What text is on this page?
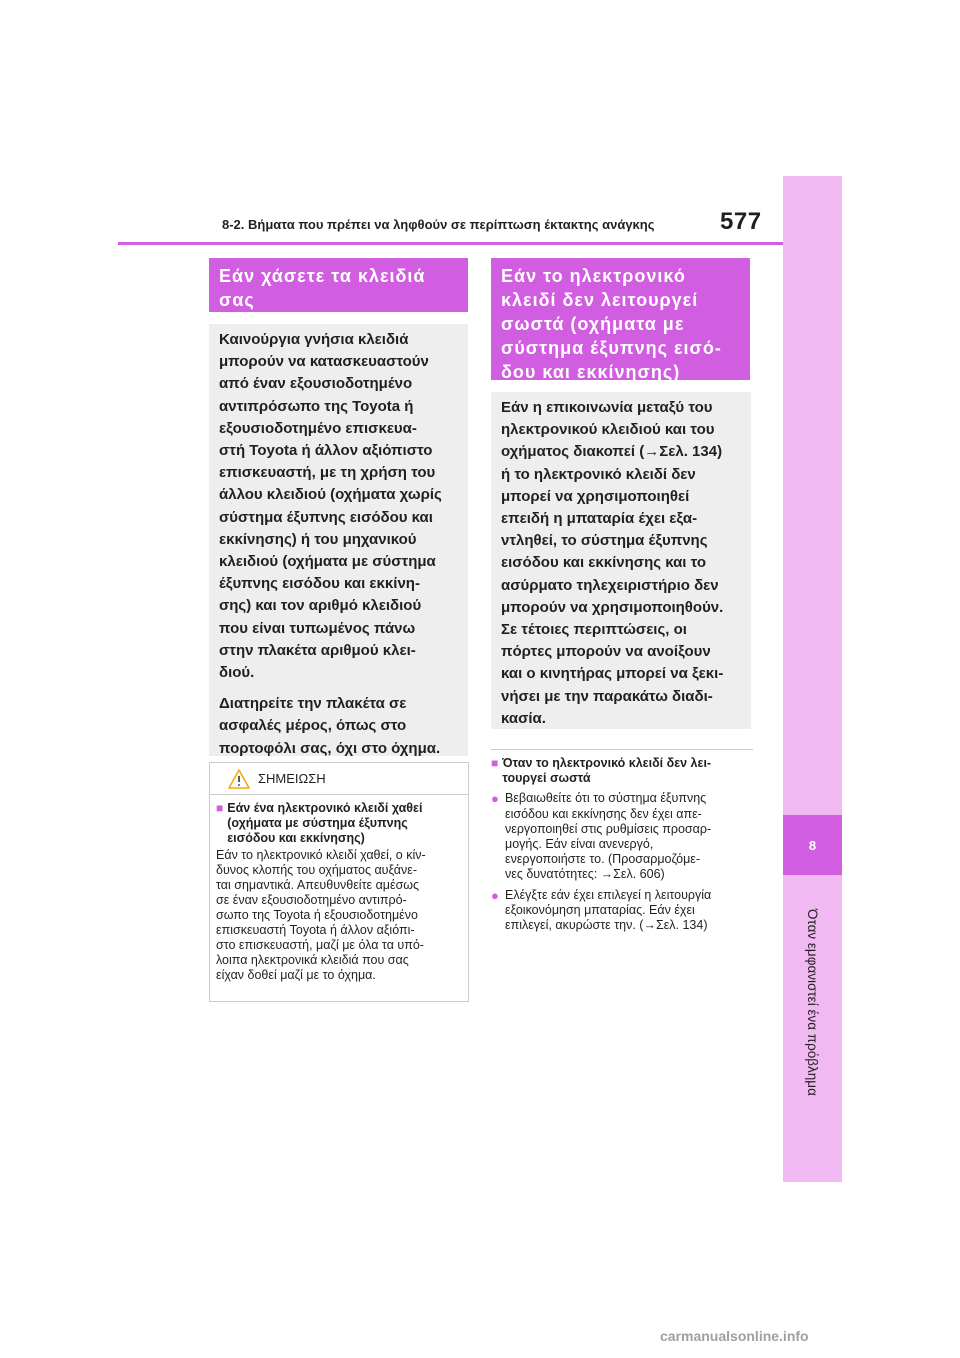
8
Όταν εμφανιστεί ένα πρόβλημα
8-2. Βήματα που πρέπει να ληφθούν σε περίπτωση έκτακτης ανάγκης	577
Εάν χάσετε τα κλειδιά
σας

Καινούργια γνήσια κλειδιά
μπορούν να κατασκευαστούν
από έναν εξουσιοδοτημένο
αντιπρόσωπο της Toyota ή
εξουσιοδοτημένο επισκευα-
στή Toyota ή άλλον αξιόπιστο
επισκευαστή, με τη χρήση του
άλλου κλειδιού (οχήματα χωρίς
σύστημα έξυπνης εισόδου και
εκκίνησης) ή του μηχανικού
κλειδιού (οχήματα με σύστημα
έξυπνης εισόδου και εκκίνη-
σης) και τον αριθμό κλειδιού
που είναι τυπωμένος πάνω
στην πλακέτα αριθμού κλει-
διού.

Διατηρείτε την πλακέτα σε
ασφαλές μέρος, όπως στο
πορτοφόλι σας, όχι στο όχημα.

ΣΗΜΕΙΩΣΗ
■ Εάν ένα ηλεκτρονικό κλειδί χαθεί
(οχήματα με σύστημα έξυπνης
εισόδου και εκκίνησης)
Εάν το ηλεκτρονικό κλειδί χαθεί, ο κίν-
δυνος κλοπής του οχήματος αυξάνε-
ται σημαντικά. Απευθυνθείτε αμέσως
σε έναν εξουσιοδοτημένο αντιπρό-
σωπο της Toyota ή εξουσιοδοτημένο
επισκευαστή Toyota ή άλλον αξιόπι-
στο επισκευαστή, μαζί με όλα τα υπό-
λοιπα ηλεκτρονικά κλειδιά που σας
είχαν δοθεί μαζί με το όχημα.
Εάν το ηλεκτρονικό
κλειδί δεν λειτουργεί
σωστά (οχήματα με
σύστημα έξυπνης εισό-
δου και εκκίνησης)

Εάν η επικοινωνία μεταξύ του
ηλεκτρονικού κλειδιού και του
οχήματος διακοπεί (→Σελ. 134)
ή το ηλεκτρονικό κλειδί δεν
μπορεί να χρησιμοποιηθεί
επειδή η μπαταρία έχει εξα-
ντληθεί, το σύστημα έξυπνης
εισόδου και εκκίνησης και το
ασύρματο τηλεχειριστήριο δεν
μπορούν να χρησιμοποιηθούν.
Σε τέτοιες περιπτώσεις, οι
πόρτες μπορούν να ανοίξουν
και ο κινητήρας μπορεί να ξεκι-
νήσει με την παρακάτω διαδι-
κασία.

■ Όταν το ηλεκτρονικό κλειδί δεν λει-
τουργεί σωστά
● Βεβαιωθείτε ότι το σύστημα έξυπνης
εισόδου και εκκίνησης δεν έχει απε-
νεργοποιηθεί στις ρυθμίσεις προσαρ-
μογής. Εάν είναι ανενεργό,
ενεργοποιήστε το. (Προσαρμοζόμε-
νες δυνατότητες: →Σελ. 606)
● Ελέγξτε εάν έχει επιλεγεί η λειτουργία
εξοικονόμηση μπαταρίας. Εάν έχει
επιλεγεί, ακυρώστε την. (→Σελ. 134)
carmanualsonline.info
